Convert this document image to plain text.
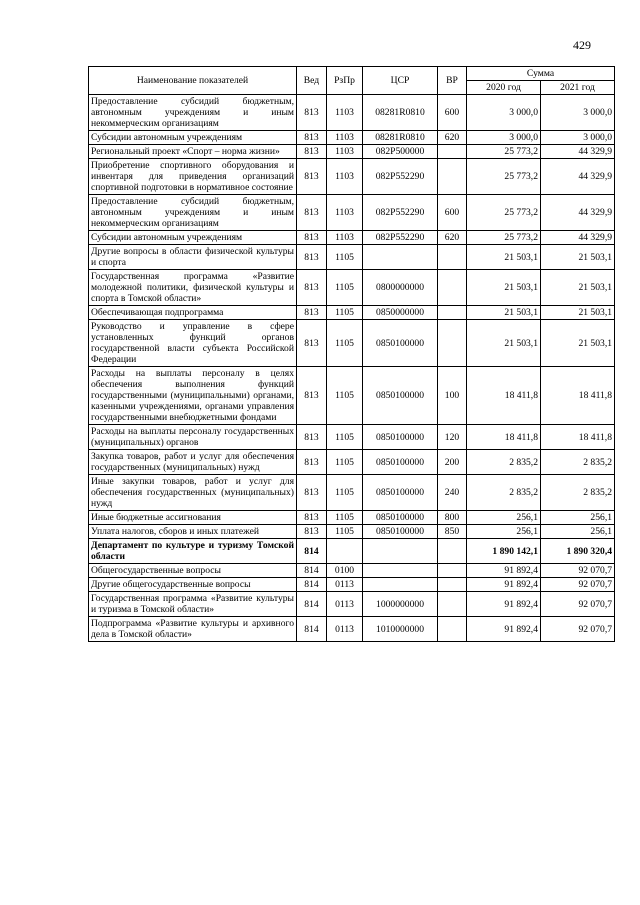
429
Наименование показателей	Вед	РзПр	ЦСР	ВР	Сумма	
					2020 год	2021 год
Предоставление субсидий бюджетным, автономным учреждениям и иным некоммерческим организациям	813	1103	08281R0810	600	3 000,0	3 000,0
Субсидии автономным учреждениям	813	1103	08281R0810	620	3 000,0	3 000,0
Региональный проект «Спорт – норма жизни»	813	1103	082P500000		25 773,2	44 329,9
Приобретение спортивного оборудования и инвентаря для приведения организаций спортивной подготовки в нормативное состояние	813	1103	082P552290		25 773,2	44 329,9
Предоставление субсидий бюджетным, автономным учреждениям и иным некоммерческим организациям	813	1103	082P552290	600	25 773,2	44 329,9
Субсидии автономным учреждениям	813	1103	082P552290	620	25 773,2	44 329,9
Другие вопросы в области физической культуры и спорта	813	1105			21 503,1	21 503,1
Государственная программа «Развитие молодежной политики, физической культуры и спорта в Томской области»	813	1105	0800000000		21 503,1	21 503,1
Обеспечивающая подпрограмма	813	1105	0850000000		21 503,1	21 503,1
Руководство и управление в сфере установленных функций органов государственной власти субъекта Российской Федерации	813	1105	0850100000		21 503,1	21 503,1
Расходы на выплаты персоналу в целях обеспечения выполнения функций государственными (муниципальными) органами, казенными учреждениями, органами управления государственными внебюджетными фондами	813	1105	0850100000	100	18 411,8	18 411,8
Расходы на выплаты персоналу государственных (муниципальных) органов	813	1105	0850100000	120	18 411,8	18 411,8
Закупка товаров, работ и услуг для обеспечения государственных (муниципальных) нужд	813	1105	0850100000	200	2 835,2	2 835,2
Иные закупки товаров, работ и услуг для обеспечения государственных (муниципальных) нужд	813	1105	0850100000	240	2 835,2	2 835,2
Иные бюджетные ассигнования	813	1105	0850100000	800	256,1	256,1
Уплата налогов, сборов и иных платежей	813	1105	0850100000	850	256,1	256,1
Департамент по культуре и туризму Томской области	814				1 890 142,1	1 890 320,4
Общегосударственные вопросы	814	0100			91 892,4	92 070,7
Другие общегосударственные вопросы	814	0113			91 892,4	92 070,7
Государственная программа «Развитие культуры и туризма в Томской области»	814	0113	1000000000		91 892,4	92 070,7
Подпрограмма «Развитие культуры и архивного дела в Томской области»	814	0113	1010000000		91 892,4	92 070,7
